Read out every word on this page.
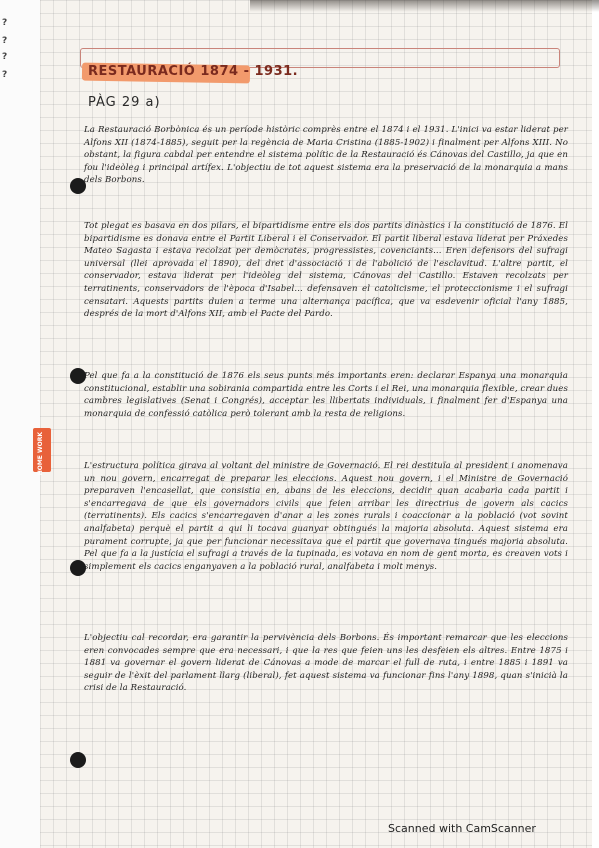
?
?
?
?
HOME WORK
RESTAURACIÓ 1874 - 1931.
PÀG 29 a)

La Restauració Borbònica és un període històric comprès entre el 1874 i el 1931. L'inici va estar liderat per Alfons XII (1874-1885), seguit per la regència de Maria Cristina (1885-1902) i finalment per Alfons XIII. No obstant, la figura cabdal per entendre el sistema polític de la Restauració és Cánovas del Castillo, ja que en fou l'ideòleg i principal artífex. L'objectiu de tot aquest sistema era la preservació de la monarquia a mans dels Borbons.

Tot plegat es basava en dos pilars, el bipartidisme entre els dos partits dinàstics i la constitució de 1876. El bipartidisme es donava entre el Partit Liberal i el Conservador. El partit liberal estava liderat per Práxedes Mateo Sagasta i estava recolzat per demòcrates, progressistes, covenciants... Eren defensors del sufragi universal (llei aprovada el 1890), del dret d'associació i de l'abolició de l'esclavitud. L'altre partit, el conservador, estava liderat per l'ideòleg del sistema, Cánovas del Castillo. Estaven recolzats per terratinents, conservadors de l'època d'Isabel... defensaven el catolicisme, el proteccionisme i el sufragi censatari. Aquests partits duien a terme una alternança pacífica, que va esdevenir oficial l'any 1885, després de la mort d'Alfons XII, amb el Pacte del Pardo.

Pel que fa a la constitució de 1876 els seus punts més importants eren: declarar Espanya una monarquia constitucional, establir una sobirania compartida entre les Corts i el Rei, una monarquia flexible, crear dues cambres legislatives (Senat i Congrés), acceptar les llibertats individuals, i finalment fer d'Espanya una monarquia de confessió catòlica però tolerant amb la resta de religions.

L'estructura política girava al voltant del ministre de Governació. El rei destituïa al president i anomenava un nou govern, encarregat de preparar les eleccions. Aquest nou govern, i el Ministre de Governació preparaven l'encasellat, que consistia en, abans de les eleccions, decidir quan acabaria cada partit i s'encarregava de que els governadors civils que feien arribar les directrius de govern als cacics (terratinents). Els cacics s'encarregaven d'anar a les zones rurals i coaccionar a la població (vot sovint analfabeta) perquè el partit a qui li tocava guanyar obtingués la majoria absoluta. Aquest sistema era purament corrupte, ja que per funcionar necessitava que el partit que governava tingués majoria absoluta. Pel que fa a la justícia el sufragi a través de la tupinada, es votava en nom de gent morta, es creaven vots i simplement els cacics enganyaven a la població rural, analfabeta i molt menys.

L'objectiu cal recordar, era garantir la pervivència dels Borbons. És important remarcar que les eleccions eren convocades sempre que era necessari, i que la res que feien uns les desfeien els altres. Entre 1875 i 1881 va governar el govern liderat de Cánovas a mode de marcar el full de ruta, i entre 1885 i 1891 va seguir de l'èxit del parlament llarg (liberal), fet aquest sistema va funcionar fins l'any 1898, quan s'inicià la crisi de la Restauració.

Scanned with CamScanner
